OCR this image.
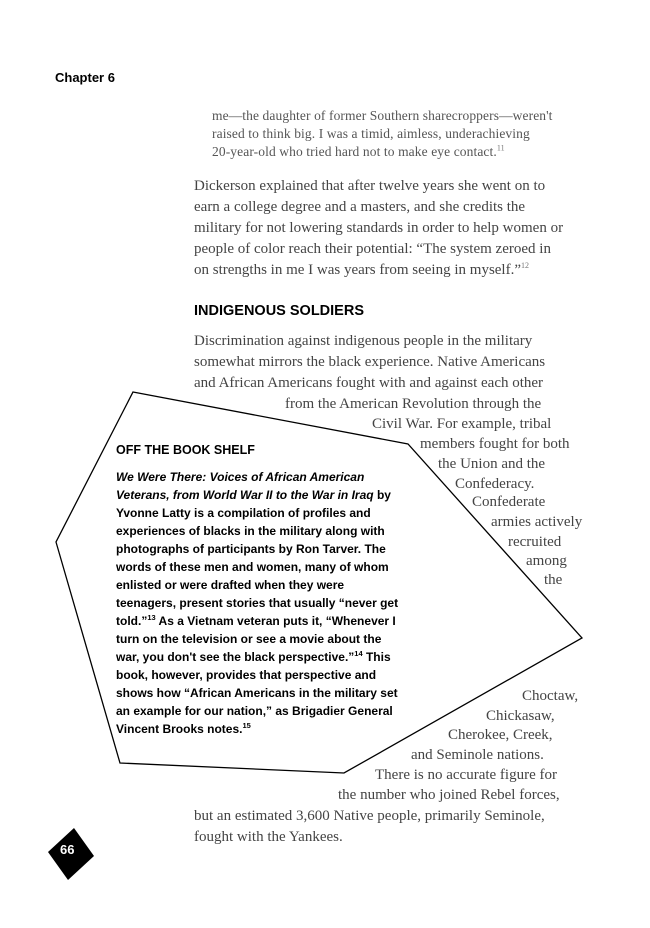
Chapter 6
me—the daughter of former Southern sharecroppers—weren't
raised to think big. I was a timid, aimless, underachieving
20-year-old who tried hard not to make eye contact.$^{11}$
Dickerson explained that after twelve years she went on to
earn a college degree and a masters, and she credits the
military for not lowering standards in order to help women or
people of color reach their potential: “The system zeroed in
on strengths in me I was years from seeing in myself.”$^{12}$
INDIGENOUS SOLDIERS
Discrimination against indigenous people in the military
somewhat mirrors the black experience. Native Americans
and African Americans fought with and against each other
from the American Revolution through the
Civil War. For example, tribal
members fought for both
the Union and the
Confederacy.
Confederate
armies actively
recruited
among
the
Choctaw,
Chickasaw,
Cherokee, Creek,
and Seminole nations.
There is no accurate figure for
the number who joined Rebel forces,
but an estimated 3,600 Native people, primarily Seminole,
fought with the Yankees.
OFF THE BOOK SHELF
We Were There: Voices of African American
Veterans, from World War II to the War in Iraq by
Yvonne Latty is a compilation of profiles and
experiences of blacks in the military along with
photographs of participants by Ron Tarver. The
words of these men and women, many of whom
enlisted or were drafted when they were
teenagers, present stories that usually “never get
told.”$^{13}$ As a Vietnam veteran puts it, “Whenever I
turn on the television or see a movie about the
war, you don't see the black perspective.”$^{14}$ This
book, however, provides that perspective and
shows how “African Americans in the military set
an example for our nation,” as Brigadier General
Vincent Brooks notes.$^{15}$
66
